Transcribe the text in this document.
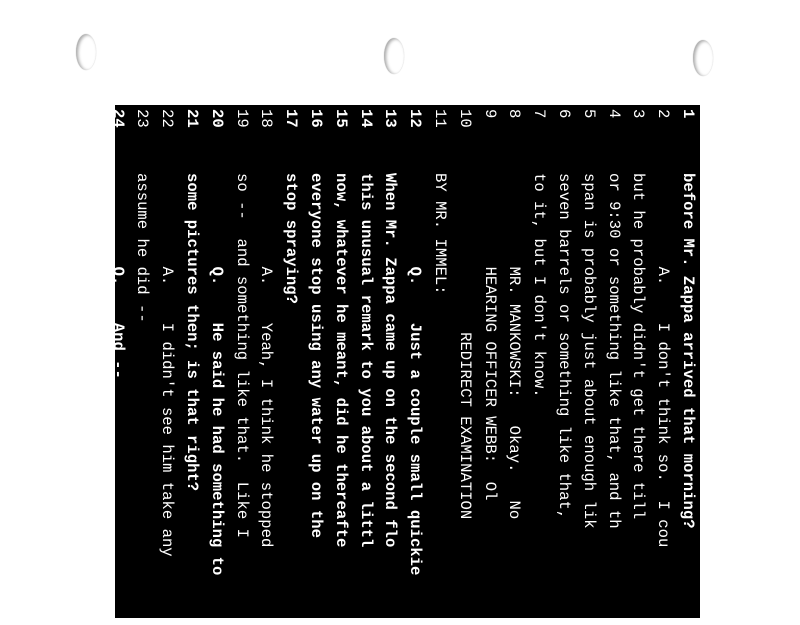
1before Mr. Zappa arrived that morning?
2          A.    I don't think so.  I cou
3but he probably didn't get there till
4or 9:30 or something like that, and th
5span is probably just about enough lik
6seven barrels or something like that,
7to it, but I don't know.
8          MR. MANKOWSKI:   Okay.   No
9          HEARING OFFICER WEBB:  Ol
10                 REDIRECT EXAMINATION
11BY MR. IMMEL:
12          Q.    Just a couple small quickie
13When Mr. Zappa came up on the second flo
14this unusual remark to you about a littl
15now, whatever he meant, did he thereafte
16everyone stop using any water up on the
17stop spraying?
18          A.    Yeah, I think he stopped
19so --  and something like that.  Like I
20          Q.    He said he had something to
21some pictures then; is that right?
22          A.    I didn't see him take any
23assume he did --
24          Q.    And --
